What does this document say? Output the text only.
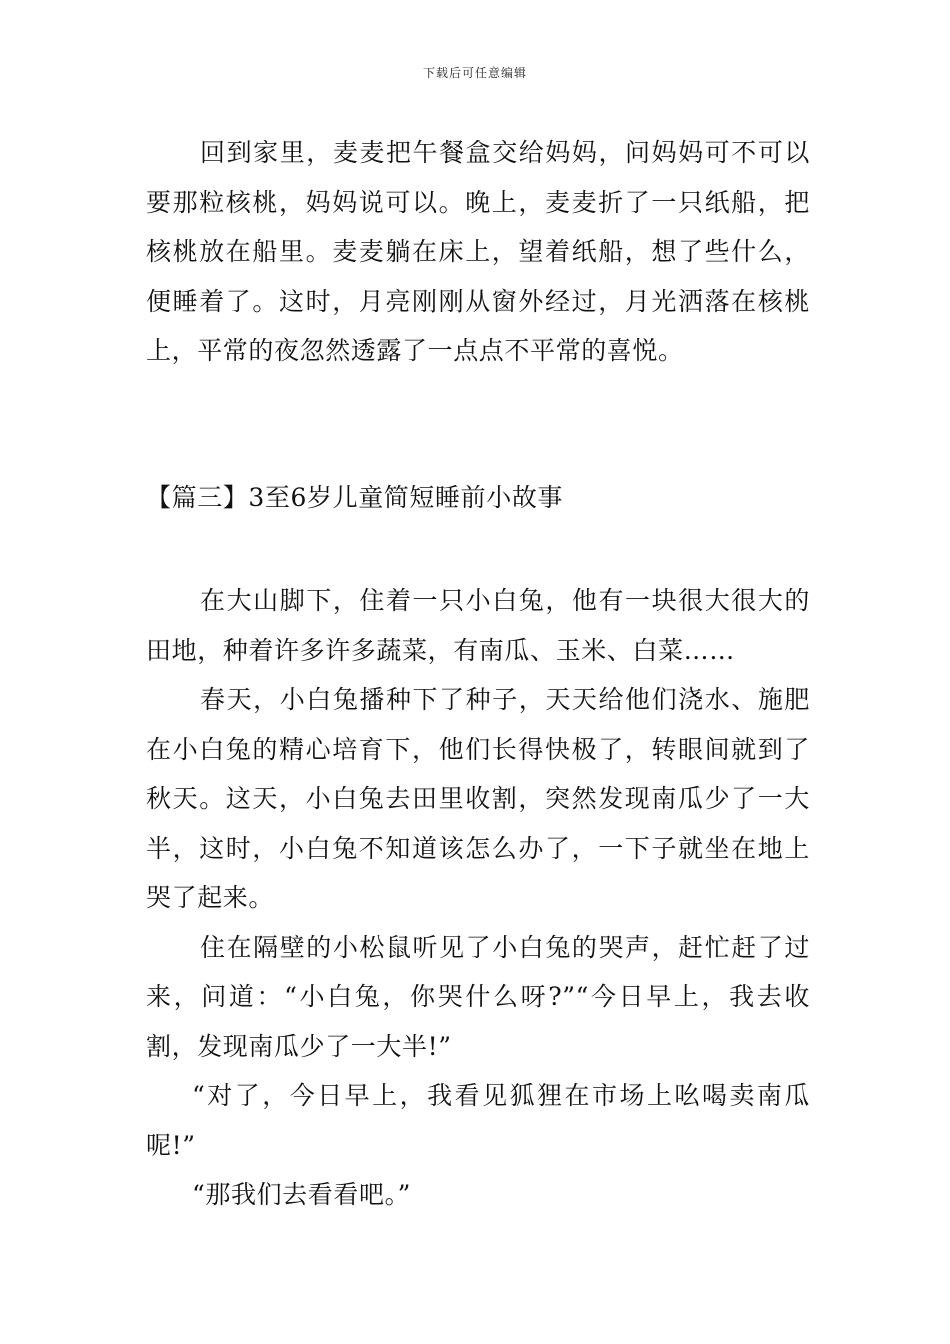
下载后可任意编辑

回到家里，麦麦把午餐盒交给妈妈，问妈妈可不可以要那粒核桃，妈妈说可以。晚上，麦麦折了一只纸船，把核桃放在船里。麦麦躺在床上，望着纸船，想了些什么，便睡着了。这时，月亮刚刚从窗外经过，月光洒落在核桃上，平常的夜忽然透露了一点点不平常的喜悦。

【篇三】3至6岁儿童简短睡前小故事

在大山脚下，住着一只小白兔，他有一块很大很大的田地，种着许多许多蔬菜，有南瓜、玉米、白菜……

春天，小白兔播种下了种子，天天给他们浇水、施肥在小白兔的精心培育下，他们长得快极了，转眼间就到了秋天。这天，小白兔去田里收割，突然发现南瓜少了一大半，这时，小白兔不知道该怎么办了，一下子就坐在地上哭了起来。

住在隔壁的小松鼠听见了小白兔的哭声，赶忙赶了过来，问道：“小白兔，你哭什么呀?”“今日早上，我去收割，发现南瓜少了一大半!”

“对了，今日早上，我看见狐狸在市场上吆喝卖南瓜呢!”

“那我们去看看吧。”
